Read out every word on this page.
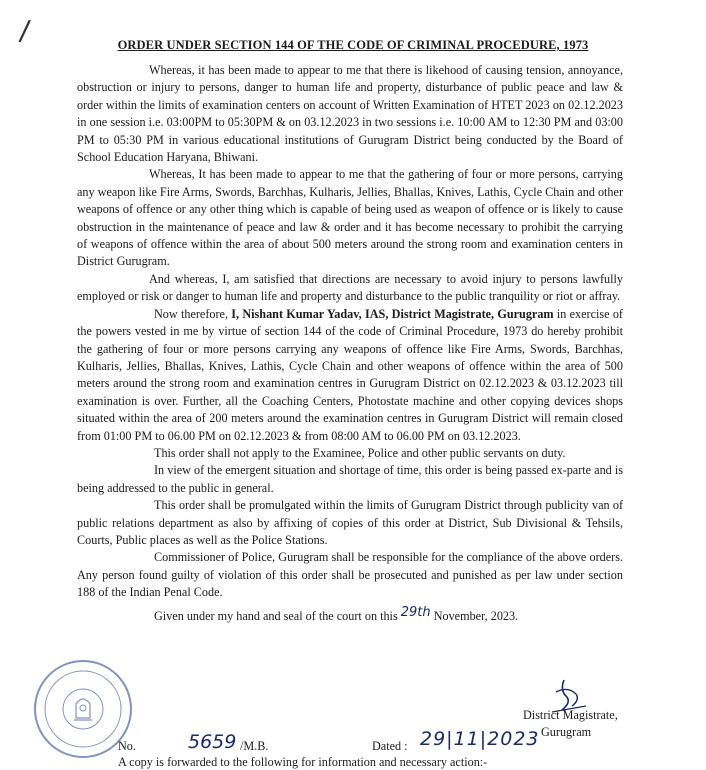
/	ORDER UNDER SECTION 144 OF THE CODE OF CRIMINAL PROCEDURE, 1973

Whereas, it has been made to appear to me that there is likehood of causing tension, annoyance, obstruction or injury to persons, danger to human life and property, disturbance of public peace and law & order within the limits of examination centers on account of Written Examination of HTET 2023 on 02.12.2023 in one session i.e. 03:00PM to 05:30PM & on 03.12.2023 in two sessions i.e. 10:00 AM to 12:30 PM and 03:00 PM to 05:30 PM in various educational institutions of Gurugram District being conducted by the Board of School Education Haryana, Bhiwani.

Whereas, It has been made to appear to me that the gathering of four or more persons, carrying any weapon like Fire Arms, Swords, Barchhas, Kulharis, Jellies, Bhallas, Knives, Lathis, Cycle Chain and other weapons of offence or any other thing which is capable of being used as weapon of offence or is likely to cause obstruction in the maintenance of peace and law & order and it has become necessary to prohibit the carrying of weapons of offence within the area of about 500 meters around the strong room and examination centers in District Gurugram.

And whereas, I, am satisfied that directions are necessary to avoid injury to persons lawfully employed or risk or danger to human life and property and disturbance to the public tranquility or riot or affray.

Now therefore, I, Nishant Kumar Yadav, IAS, District Magistrate, Gurugram in exercise of the powers vested in me by virtue of section 144 of the code of Criminal Procedure, 1973 do hereby prohibit the gathering of four or more persons carrying any weapons of offence like Fire Arms, Swords, Barchhas, Kulharis, Jellies, Bhallas, Knives, Lathis, Cycle Chain and other weapons of offence within the area of 500 meters around the strong room and examination centres in Gurugram District on 02.12.2023 & 03.12.2023 till examination is over. Further, all the Coaching Centers, Photostate machine and other copying devices shops situated within the area of 200 meters around the examination centres in Gurugram District will remain closed from 01:00 PM to 06.00 PM on 02.12.2023 & from 08:00 AM to 06.00 PM on 03.12.2023.

This order shall not apply to the Examinee, Police and other public servants on duty.

In view of the emergent situation and shortage of time, this order is being passed ex-parte and is being addressed to the public in general.

This order shall be promulgated within the limits of Gurugram District through publicity van of public relations department as also by affixing of copies of this order at District, Sub Divisional & Tehsils, Courts, Public places as well as the Police Stations.

Commissioner of Police, Gurugram shall be responsible for the compliance of the above orders. Any person found guilty of violation of this order shall be prosecuted and punished as per law under section 188 of the Indian Penal Code.

Given under my hand and seal of the court on this 29th November, 2023.

District Magistrate,
Gurugram
No.	5659 /M.B.	Dated : 29|11|2023
A copy is forwarded to the following for information and necessary action:-
